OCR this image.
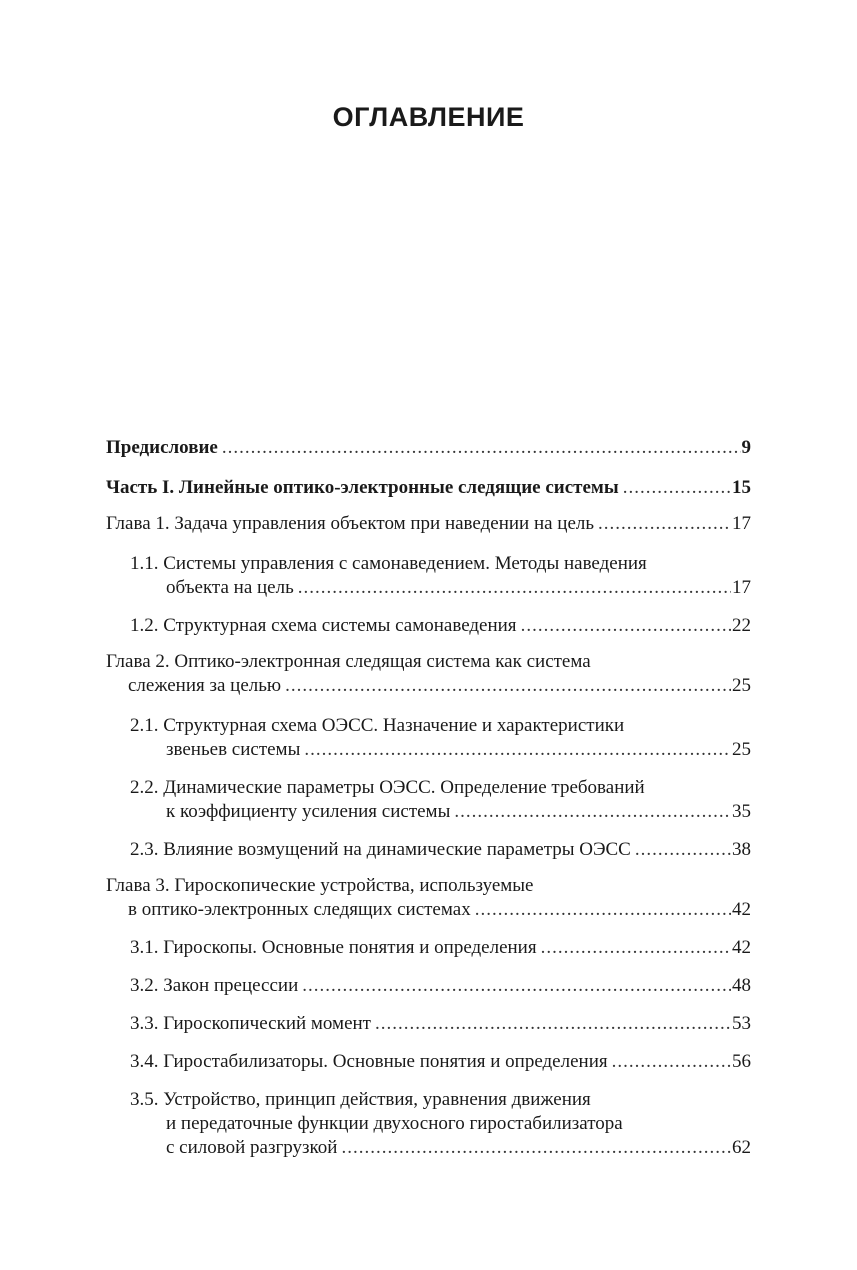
ОГЛАВЛЕНИЕ
Предисловие .....	9
Часть I. Линейные оптико-электронные следящие системы .....	15
Глава 1. Задача управления объектом при наведении на цель .....	17
1.1. Системы управления с самонаведением. Методы наведения
объекта на цель .....	17
1.2. Структурная схема системы самонаведения .....	22
Глава 2. Оптико-электронная следящая система как система
слежения за целью .....	25
2.1. Структурная схема ОЭСС. Назначение и характеристики
звеньев системы .....	25
2.2. Динамические параметры ОЭСС. Определение требований
к коэффициенту усиления системы .....	35
2.3. Влияние возмущений на динамические параметры ОЭСС .....	38
Глава 3. Гироскопические устройства, используемые
в оптико-электронных следящих системах .....	42
3.1. Гироскопы. Основные понятия и определения .....	42
3.2. Закон прецессии .....	48
3.3. Гироскопический момент .....	53
3.4. Гиростабилизаторы. Основные понятия и определения .....	56
3.5. Устройство, принцип действия, уравнения движения
и передаточные функции двухосного гиростабилизатора
с силовой разгрузкой .....	62
